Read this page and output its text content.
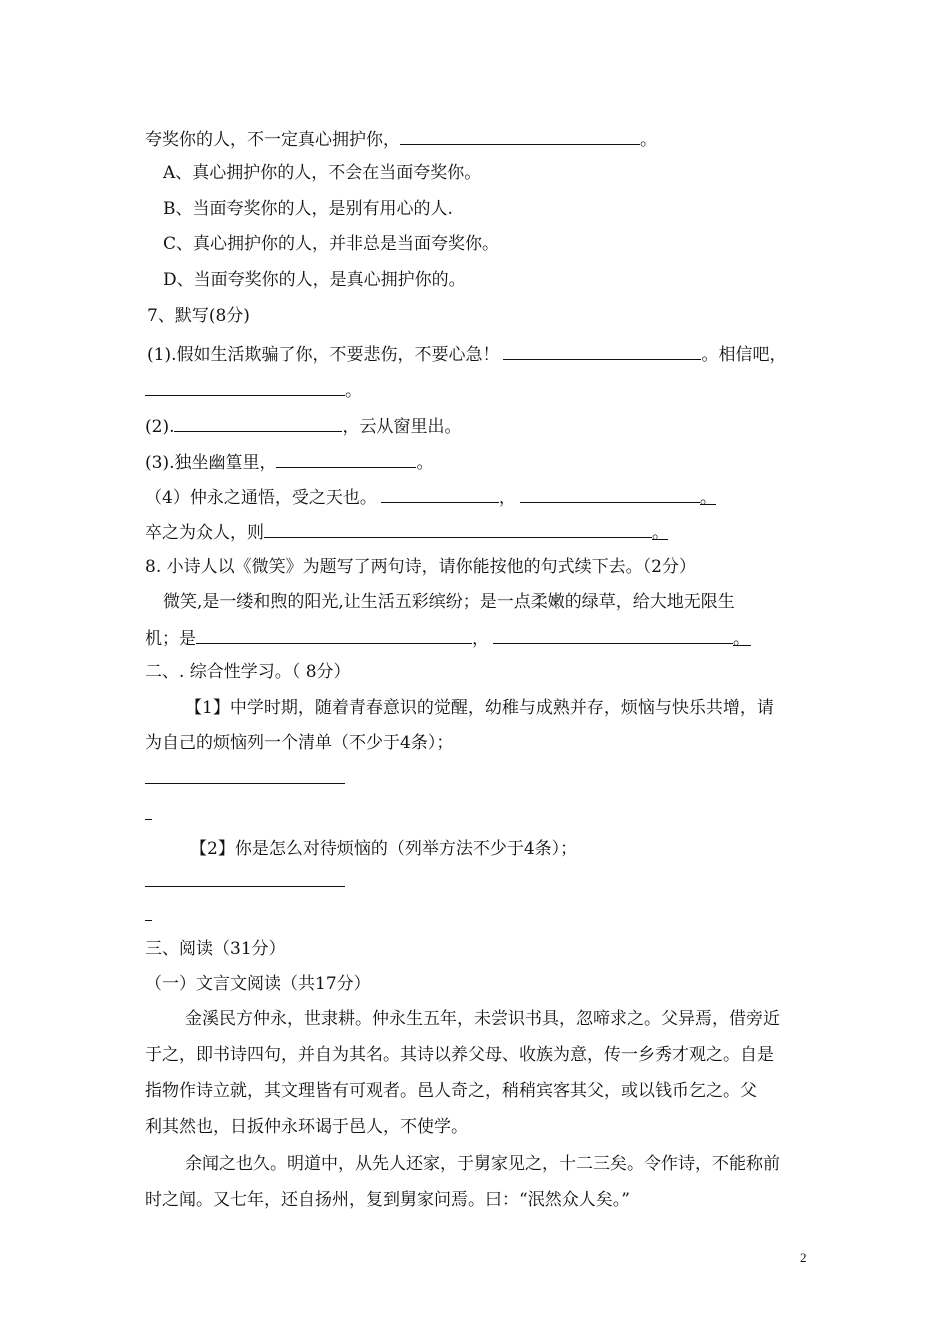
夸奖你的人，不一定真心拥护你，	。
A、真心拥护你的人，不会在当面夸奖你。
B、当面夸奖你的人，是别有用心的人.
C、真心拥护你的人，并非总是当面夸奖你。
D、当面夸奖你的人，是真心拥护你的。
7、默写(8分)
(1).假如生活欺骗了你，不要悲伤，不要心急！	。相信吧，
。
(2).	，云从窗里出。
(3).独坐幽篁里，	。
（4）仲永之通悟，受之天也。	，	。
卒之为众人，则	。
8. 小诗人以《微笑》为题写了两句诗，请你能按他的句式续下去。（2分）
微笑,是一缕和煦的阳光,让生活五彩缤纷；是一点柔嫩的绿草，给大地无限生
机；是	，	。
二、. 综合性学习。（ 8分）
【1】中学时期，随着青春意识的觉醒，幼稚与成熟并存，烦恼与快乐共增，请
为自己的烦恼列一个清单（不少于4条）；
【2】你是怎么对待烦恼的（列举方法不少于4条）；
三、阅读（31分）
（一）文言文阅读（共17分）
金溪民方仲永，世隶耕。仲永生五年，未尝识书具，忽啼求之。父异焉，借旁近
于之，即书诗四句，并自为其名。其诗以养父母、收族为意，传一乡秀才观之。自是
指物作诗立就，其文理皆有可观者。邑人奇之，稍稍宾客其父，或以钱币乞之。父
利其然也，日扳仲永环谒于邑人，不使学。
余闻之也久。明道中，从先人还家，于舅家见之，十二三矣。令作诗，不能称前
时之闻。又七年，还自扬州，复到舅家问焉。曰：“泯然众人矣。”
2
